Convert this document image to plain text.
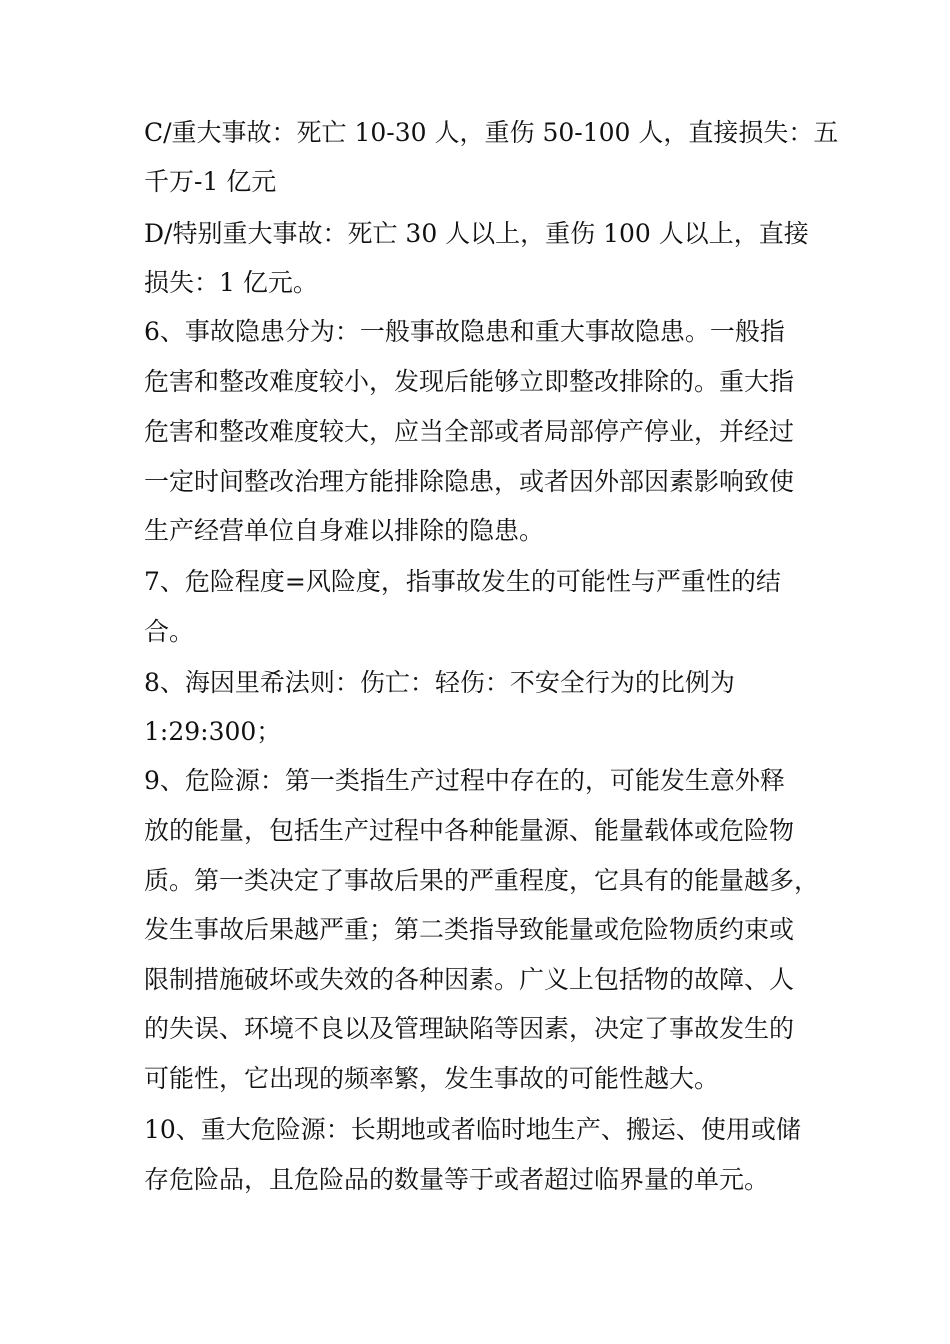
C/重大事故：死亡 10-30 人，重伤 50-100 人，直接损失：五
千万-1 亿元
D/特别重大事故：死亡 30 人以上，重伤 100 人以上，直接
损失：1 亿元。
6、事故隐患分为：一般事故隐患和重大事故隐患。一般指
危害和整改难度较小，发现后能够立即整改排除的。重大指
危害和整改难度较大，应当全部或者局部停产停业，并经过
一定时间整改治理方能排除隐患，或者因外部因素影响致使
生产经营单位自身难以排除的隐患。
7、危险程度=风险度，指事故发生的可能性与严重性的结
合。
8、海因里希法则：伤亡：轻伤：不安全行为的比例为
1:29:300；
9、危险源：第一类指生产过程中存在的，可能发生意外释
放的能量，包括生产过程中各种能量源、能量载体或危险物
质。第一类决定了事故后果的严重程度，它具有的能量越多，
发生事故后果越严重；第二类指导致能量或危险物质约束或
限制措施破坏或失效的各种因素。广义上包括物的故障、人
的失误、环境不良以及管理缺陷等因素，决定了事故发生的
可能性，它出现的频率繁，发生事故的可能性越大。
10、重大危险源：长期地或者临时地生产、搬运、使用或储
存危险品，且危险品的数量等于或者超过临界量的单元。
